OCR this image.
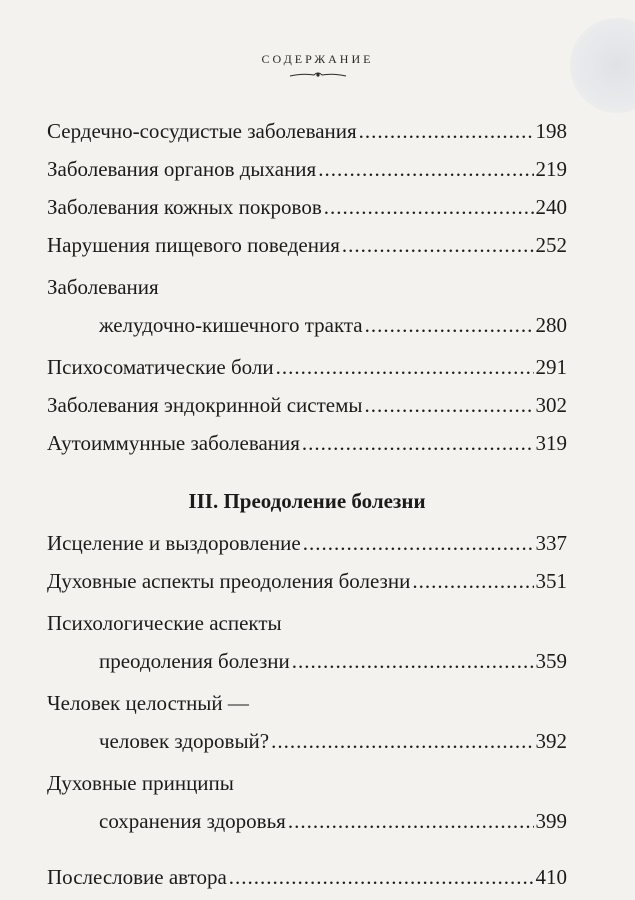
СОДЕРЖАНИЕ
Сердечно-сосудистые заболевания .....	198
Заболевания органов дыхания .....	219
Заболевания кожных покровов .....	240
Нарушения пищевого поведения .....	252
Заболевания
желудочно-кишечного тракта .....	280
Психосоматические боли .....	291
Заболевания эндокринной системы .....	302
Аутоиммунные заболевания .....	319
III. Преодоление болезни
Исцеление и выздоровление .....	337
Духовные аспекты преодоления болезни .....	351
Психологические аспекты
преодоления болезни .....	359
Человек целостный —
человек здоровый? .....	392
Духовные принципы
сохранения здоровья .....	399
Послесловие автора .....	410
